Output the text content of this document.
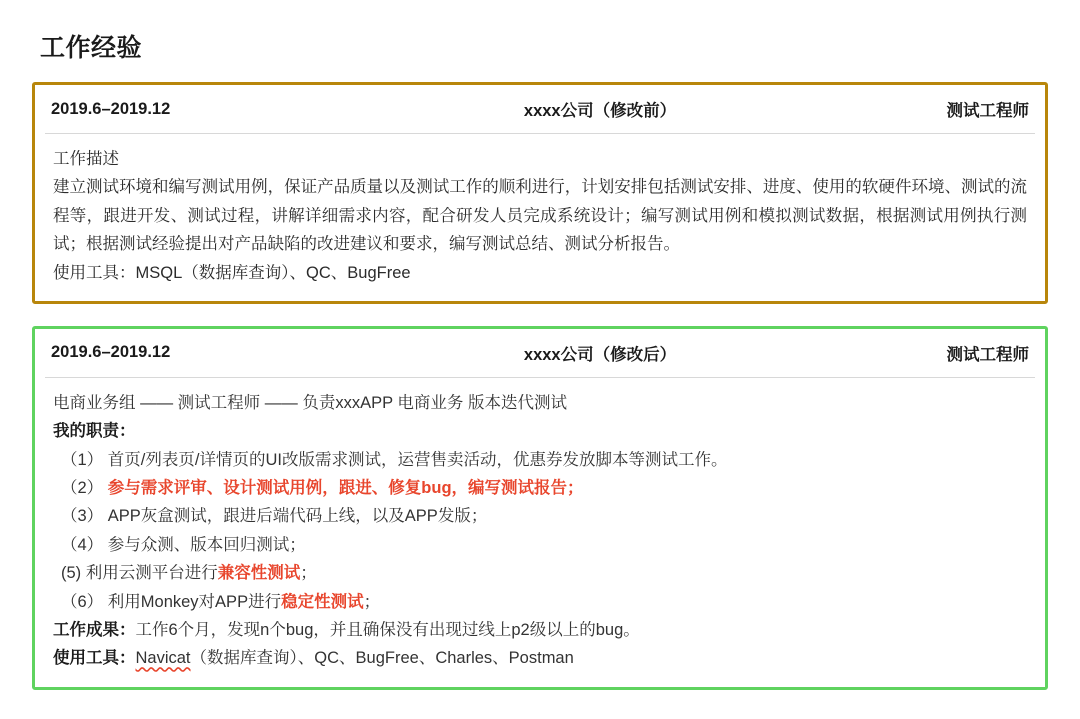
工作经验
2019.6–2019.12	xxxx公司（修改前）	测试工程师

工作描述

建立测试环境和编写测试用例，保证产品质量以及测试工作的顺利进行，计划安排包括测试安排、进度、使用的软硬件环境、测试的流程等，跟进开发、测试过程，讲解详细需求内容，配合研发人员完成系统设计；编写测试用例和模拟测试数据，根据测试用例执行测试；根据测试经验提出对产品缺陷的改进建议和要求，编写测试总结、测试分析报告。

使用工具：MSQL（数据库查询）、QC、BugFree

2019.6–2019.12	xxxx公司（修改后）	测试工程师

电商业务组 —— 测试工程师 —— 负责xxxAPP 电商业务 版本迭代测试

我的职责：

（1） 首页/列表页/详情页的UI改版需求测试，运营售卖活动，优惠券发放脚本等测试工作。

（2） 参与需求评审、设计测试用例，跟进、修复bug，编写测试报告；

（3） APP灰盒测试，跟进后端代码上线，以及APP发版；

（4） 参与众测、版本回归测试；

(5) 利用云测平台进行兼容性测试；

（6） 利用Monkey对APP进行稳定性测试；

工作成果：工作6个月，发现n个bug，并且确保没有出现过线上p2级以上的bug。

使用工具：Navicat（数据库查询）、QC、BugFree、Charles、Postman
